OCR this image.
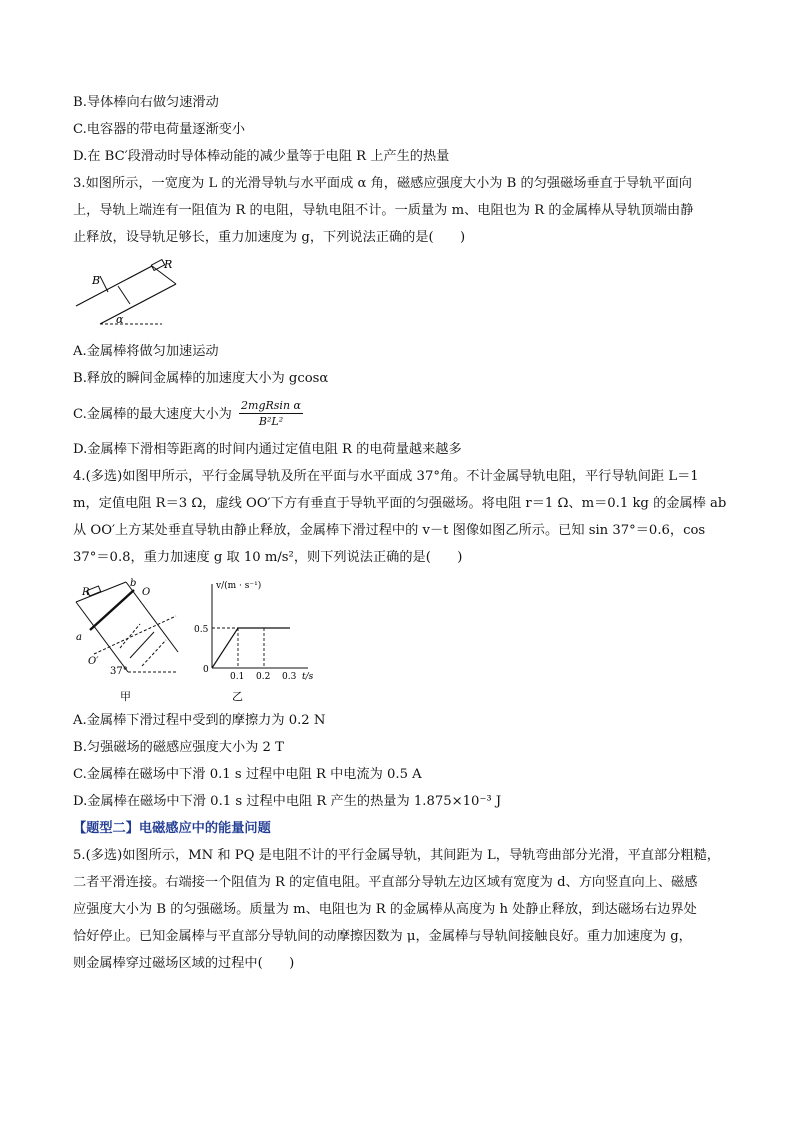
B.导体棒向右做匀速滑动
C.电容器的带电荷量逐渐变小
D.在 BC′段滑动时导体棒动能的减少量等于电阻 R 上产生的热量
3.如图所示，一宽度为 L 的光滑导轨与水平面成 α 角，磁感应强度大小为 B 的匀强磁场垂直于导轨平面向
上，导轨上端连有一阻值为 R 的电阻，导轨电阻不计。一质量为 m、电阻也为 R 的金属棒从导轨顶端由静
止释放，设导轨足够长，重力加速度为 g，下列说法正确的是(　　)
B
R
α
A.金属棒将做匀加速运动
B.释放的瞬间金属棒的加速度大小为 gcosα
C.金属棒的最大速度大小为
2mgRsin α
B²L²
D.金属棒下滑相等距离的时间内通过定值电阻 R 的电荷量越来越多
4.(多选)如图甲所示，平行金属导轨及所在平面与水平面成 37°角。不计金属导轨电阻，平行导轨间距 L＝1
m，定值电阻 R＝3 Ω，虚线 OO′下方有垂直于导轨平面的匀强磁场。将电阻 r＝1 Ω、m＝0.1 kg 的金属棒 ab
从 OO′上方某处垂直导轨由静止释放，金属棒下滑过程中的 v－t 图像如图乙所示。已知 sin 37°＝0.6，cos
37°＝0.8，重力加速度 g 取 10 m/s²，则下列说法正确的是(　　)
R
b
O
a
O′
37°
甲
v/(m · s⁻¹)
t/s
0
0.5
0.1 0.2 0.3
乙
A.金属棒下滑过程中受到的摩擦力为 0.2 N
B.匀强磁场的磁感应强度大小为 2 T
C.金属棒在磁场中下滑 0.1 s 过程中电阻 R 中电流为 0.5 A
D.金属棒在磁场中下滑 0.1 s 过程中电阻 R 产生的热量为 1.875×10⁻³ J
【题型二】电磁感应中的能量问题
5.(多选)如图所示，MN 和 PQ 是电阻不计的平行金属导轨，其间距为 L，导轨弯曲部分光滑，平直部分粗糙，
二者平滑连接。右端接一个阻值为 R 的定值电阻。平直部分导轨左边区域有宽度为 d、方向竖直向上、磁感
应强度大小为 B 的匀强磁场。质量为 m、电阻也为 R 的金属棒从高度为 h 处静止释放，到达磁场右边界处
恰好停止。已知金属棒与平直部分导轨间的动摩擦因数为 μ，金属棒与导轨间接触良好。重力加速度为 g，
则金属棒穿过磁场区域的过程中(　　)
